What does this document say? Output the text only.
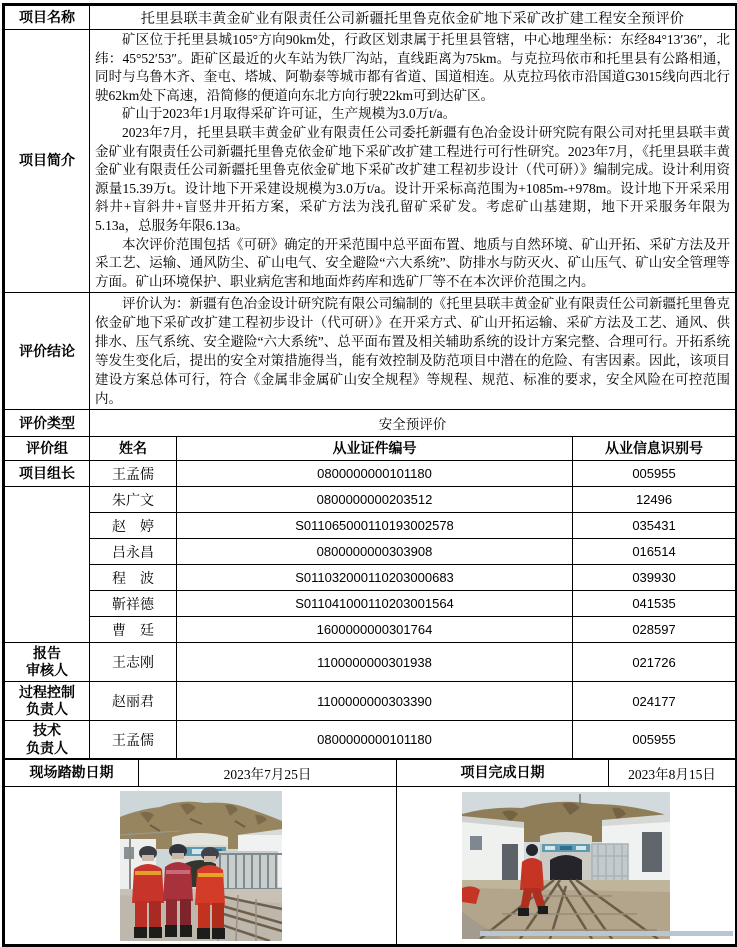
项目名称	托里县联丰黄金矿业有限责任公司新疆托里鲁克依金矿地下采矿改扩建工程安全预评价					
项目简介	矿区位于托里县城105°方向90km处，行政区划隶属于托里县管辖，中心地理坐标：东经84°13′36″，北纬：45°52′53″。距矿区最近的火车站为铁厂沟站，直线距离为75km。与克拉玛依市和托里县有公路相通，同时与乌鲁木齐、奎屯、塔城、阿勒泰等城市都有省道、国道相连。从克拉玛依市沿国道G3015线向西北行驶62km处下高速，沿简修的便道向东北方向行驶22km可到达矿区。

矿山于2023年1月取得采矿许可证，生产规模为3.0万t/a。

2023年7月，托里县联丰黄金矿业有限责任公司委托新疆有色冶金设计研究院有限公司对托里县联丰黄金矿业有限责任公司新疆托里鲁克依金矿地下采矿改扩建工程进行可行性研究。2023年7月，《托里县联丰黄金矿业有限责任公司新疆托里鲁克依金矿地下采矿改扩建工程初步设计（代可研）》编制完成。设计利用资源量15.39万t。设计地下开采建设规模为3.0万t/a。设计开采标高范围为+1085m-+978m。设计地下开采采用斜井+盲斜井+盲竖井开拓方案，采矿方法为浅孔留矿采矿发。考虑矿山基建期，地下开采服务年限为5.13a，总服务年限6.13a。

本次评价范围包括《可研》确定的开采范围中总平面布置、地质与自然环境、矿山开拓、采矿方法及开采工艺、运输、通风防尘、矿山电气、安全避险“六大系统”、防排水与防灭火、矿山压气、矿山安全管理等方面。矿山环境保护、职业病危害和地面炸药库和选矿厂等不在本次评价范围之内。					

评价结论	评价认为：新疆有色冶金设计研究院有限公司编制的《托里县联丰黄金矿业有限责任公司新疆托里鲁克依金矿地下采矿改扩建工程初步设计（代可研）》在开采方式、矿山开拓运输、采矿方法及工艺、通风、供排水、压气系统、安全避险“六大系统”、总平面布置及相关辅助系统的设计方案完整、合理可行。开拓系统等发生变化后，提出的安全对策措施得当，能有效控制及防范项目中潜在的危险、有害因素。因此，该项目建设方案总体可行，符合《金属非金属矿山安全规程》等规程、规范、标准的要求，安全风险在可控范围内。					

评价类型	安全预评价					
评价组	姓名		从业证件编号		从业信息识别号	
项目组长	王孟儒		0800000000101180		005955	
	朱广文		0800000000203512		12496	
	赵　婷		S011065000110193002578		035431	
	吕永昌		0800000000303908		016514	
	程　波		S011032000110203000683		039930	
	靳祥德		S011041000110203001564		041535	
	曹　廷		1600000000301764		028597	

报告
审核人	王志刚		1100000000301938		021726	

过程控制
负责人	赵丽君		1100000000303390		024177	

技术
负责人	王孟儒		0800000000101180		005955	
现场踏勘日期		2023年7月25日		项目完成日期		2023年8月15日
